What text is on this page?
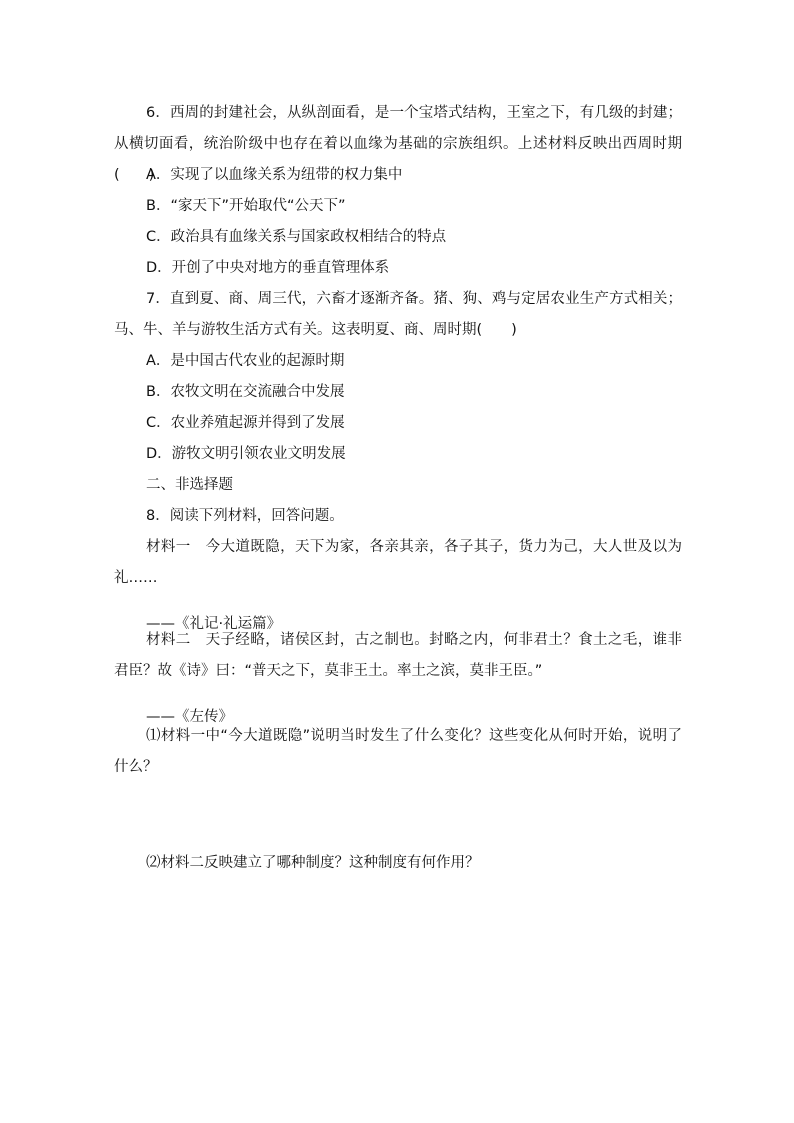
6．西周的封建社会，从纵剖面看，是一个宝塔式结构，王室之下，有几级的封建；从横切面看，统治阶级中也存在着以血缘为基础的宗族组织。上述材料反映出西周时期(　　)

A．实现了以血缘关系为纽带的权力集中

B．“家天下”开始取代“公天下”

C．政治具有血缘关系与国家政权相结合的特点

D．开创了中央对地方的垂直管理体系

7．直到夏、商、周三代，六畜才逐渐齐备。猪、狗、鸡与定居农业生产方式相关；马、牛、羊与游牧生活方式有关。这表明夏、商、周时期(　　)

A．是中国古代农业的起源时期

B．农牧文明在交流融合中发展

C．农业养殖起源并得到了发展

D．游牧文明引领农业文明发展

二、非选择题

8．阅读下列材料，回答问题。

材料一　今大道既隐，天下为家，各亲其亲，各子其子，货力为己，大人世及以为礼……

——《礼记·礼运篇》

材料二　天子经略，诸侯区封，古之制也。封略之内，何非君土？食土之毛，谁非君臣？故《诗》曰：“普天之下，莫非王土。率土之滨，莫非王臣。”

——《左传》

⑴材料一中“今大道既隐”说明当时发生了什么变化？这些变化从何时开始，说明了什么？

⑵材料二反映建立了哪种制度？这种制度有何作用？
